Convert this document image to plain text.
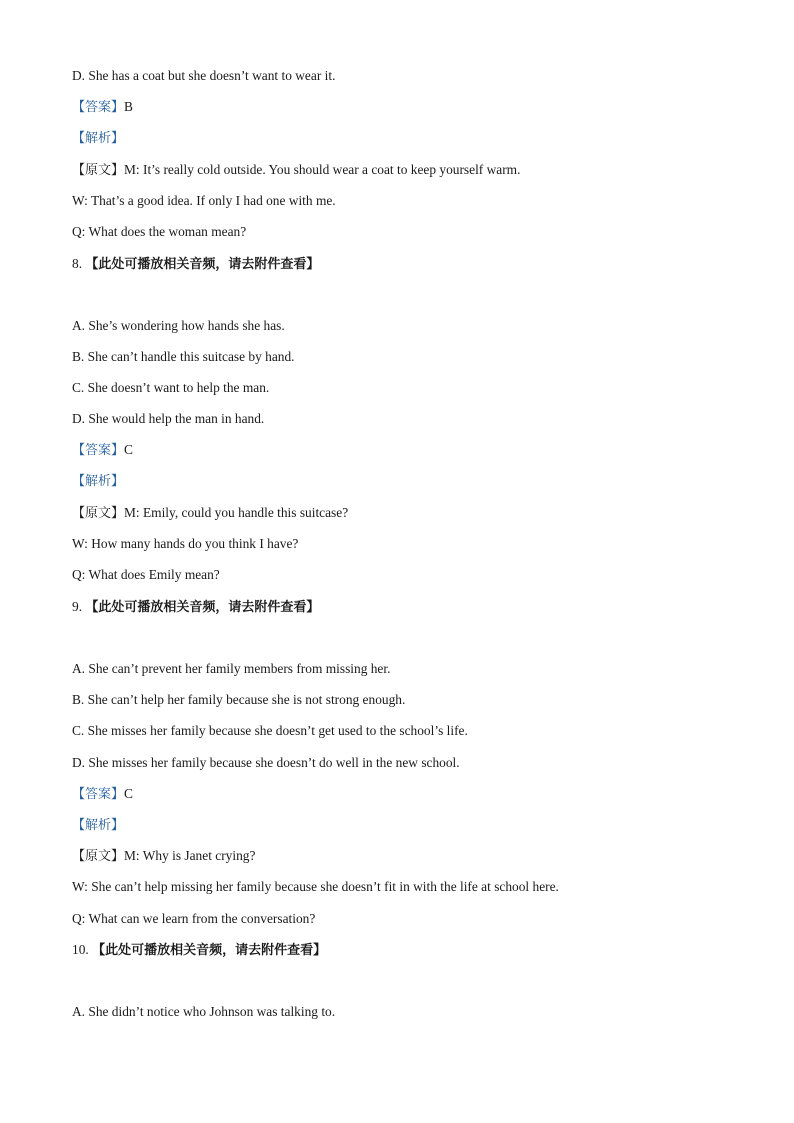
D. She has a coat but she doesn’t want to wear it.

【答案】B

【解析】

【原文】M: It’s really cold outside. You should wear a coat to keep yourself warm.

W: That’s a good idea. If only I had one with me.

Q: What does the woman mean?

8. 【此处可播放相关音频，请去附件查看】

A. She’s wondering how hands she has.

B. She can’t handle this suitcase by hand.

C. She doesn’t want to help the man.

D. She would help the man in hand.

【答案】C

【解析】

【原文】M: Emily, could you handle this suitcase?

W: How many hands do you think I have?

Q: What does Emily mean?

9. 【此处可播放相关音频，请去附件查看】

A. She can’t prevent her family members from missing her.

B. She can’t help her family because she is not strong enough.

C. She misses her family because she doesn’t get used to the school’s life.

D. She misses her family because she doesn’t do well in the new school.

【答案】C

【解析】

【原文】M: Why is Janet crying?

W: She can’t help missing her family because she doesn’t fit in with the life at school here.

Q: What can we learn from the conversation?

10. 【此处可播放相关音频，请去附件查看】

A. She didn’t notice who Johnson was talking to.
